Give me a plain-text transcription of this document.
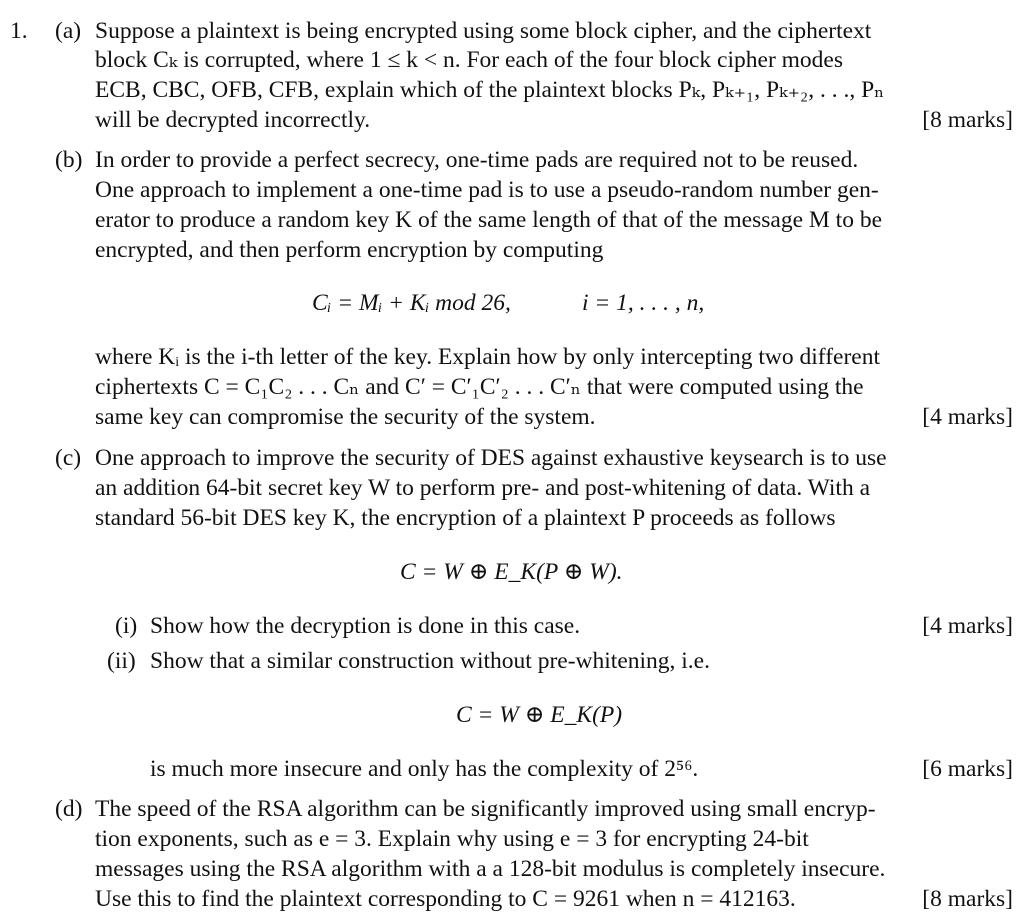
1. (a) Suppose a plaintext is being encrypted using some block cipher, and the ciphertext
block Cₖ is corrupted, where 1 ≤ k < n. For each of the four block cipher modes
ECB, CBC, OFB, CFB, explain which of the plaintext blocks Pₖ, Pₖ₊₁, Pₖ₊₂, . . ., Pₙ
will be decrypted incorrectly.	[8 marks]
(b) In order to provide a perfect secrecy, one-time pads are required not to be reused.
One approach to implement a one-time pad is to use a pseudo-random number gen-
erator to produce a random key K of the same length of that of the message M to be
encrypted, and then perform encryption by computing
Cᵢ = Mᵢ + Kᵢ mod 26,	i = 1, . . . , n,
where Kᵢ is the i-th letter of the key. Explain how by only intercepting two different
ciphertexts C = C₁C₂ . . . Cₙ and C′ = C′₁C′₂ . . . C′ₙ that were computed using the
same key can compromise the security of the system.	[4 marks]
(c) One approach to improve the security of DES against exhaustive keysearch is to use
an addition 64-bit secret key W to perform pre- and post-whitening of data. With a
standard 56-bit DES key K, the encryption of a plaintext P proceeds as follows
C = W ⊕ E_K(P ⊕ W).
(i) Show how the decryption is done in this case.	[4 marks]
(ii) Show that a similar construction without pre-whitening, i.e.
C = W ⊕ E_K(P)
is much more insecure and only has the complexity of 2⁵⁶.	[6 marks]
(d) The speed of the RSA algorithm can be significantly improved using small encryp-
tion exponents, such as e = 3. Explain why using e = 3 for encrypting 24-bit
messages using the RSA algorithm with a a 128-bit modulus is completely insecure.
Use this to find the plaintext corresponding to C = 9261 when n = 412163.	[8 marks]
